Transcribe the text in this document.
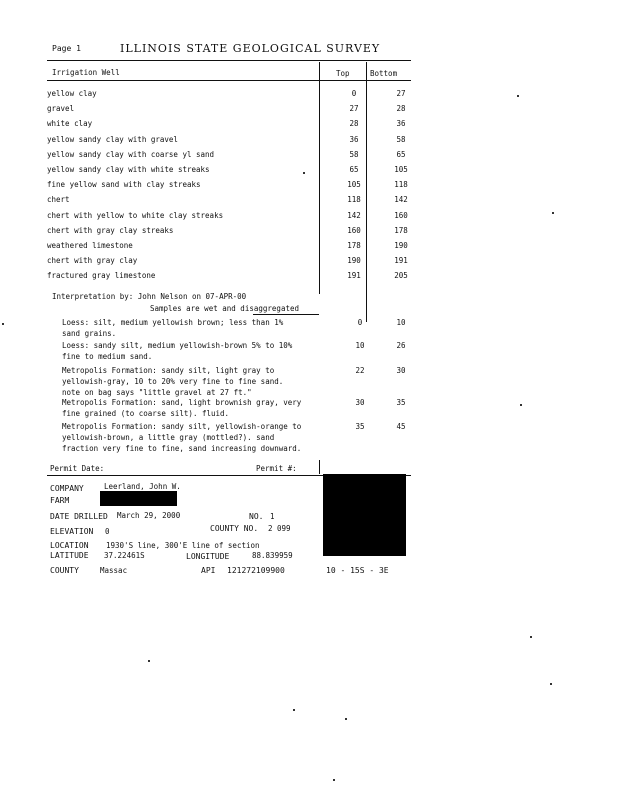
Page 1	ILLINOIS STATE GEOLOGICAL SURVEY
Irrigation Well	Top	Bottom
yellow clay	0	27
gravel	27	28
white clay	28	36
yellow sandy clay with gravel	36	58
yellow sandy clay with coarse yl sand	58	65
yellow sandy clay with white streaks	65	105
fine yellow sand with clay streaks	105	118
chert	118	142
chert with yellow to white clay streaks	142	160
chert with gray clay streaks	160	178
weathered limestone	178	190
chert with gray clay	190	191
fractured gray limestone	191	205
Interpretation by: John Nelson on 07-APR-00
Samples are wet and disaggregated
Loess: silt, medium yellowish brown; less than 1%
sand grains.
0	10
Loess: sandy silt, medium yellowish-brown 5% to 10%
fine to medium sand.
10	26
Metropolis Formation: sandy silt, light gray to
yellowish-gray, 10 to 20% very fine to fine sand.
note on bag says "little gravel at 27 ft."
22	30
Metropolis Formation: sand, light brownish gray, very
fine grained (to coarse silt). fluid.
30	35
Metropolis Formation: sandy silt, yellowish-orange to
yellowish-brown, a little gray (mottled?). sand
fraction very fine to fine, sand increasing downward.
35	45
Permit Date:	Permit #:
COMPANY	Leerland, John W.
FARM
DATE DRILLED March 29, 2000	NO. 1
ELEVATION 0	COUNTY NO. 2 099
LOCATION 1930'S line, 300'E line of section
LATITUDE 37.22461S	LONGITUDE	88.839959
COUNTY	Massac	API 121272109900	10 - 15S - 3E
